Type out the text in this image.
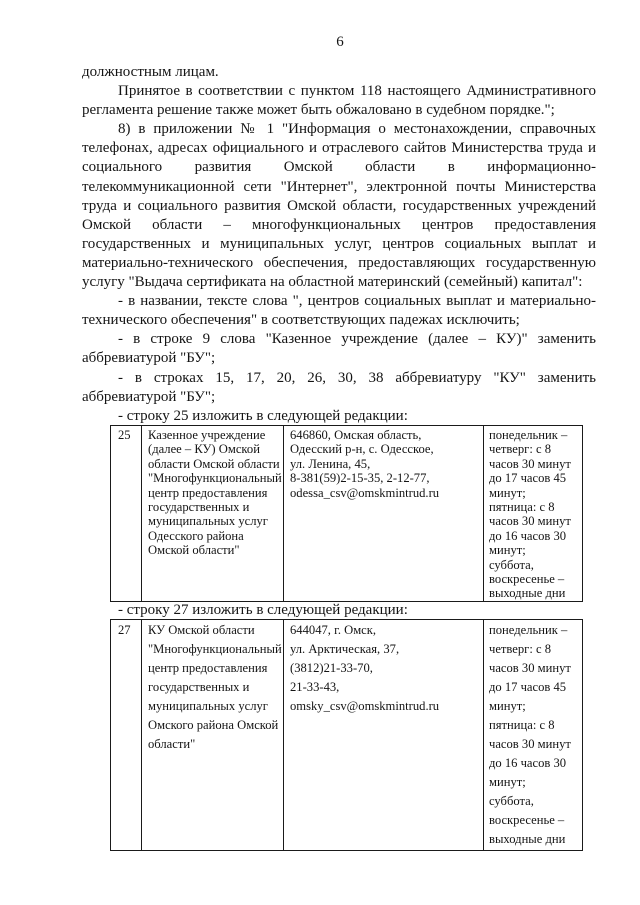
6
должностным лицам.
Принятое в соответствии с пунктом 118 настоящего Административного
регламента решение также может быть обжаловано в судебном порядке.";
8) в приложении № 1 "Информация о местонахождении, справочных
телефонах, адресах официального и отраслевого сайтов Министерства труда и
социального развития Омской области в информационно-
телекоммуникационной сети "Интернет", электронной почты Министерства
труда и социального развития Омской области, государственных учреждений
Омской области – многофункциональных центров предоставления
государственных и муниципальных услуг, центров социальных выплат и
материально-технического обеспечения, предоставляющих государственную
услугу "Выдача сертификата на областной материнский (семейный) капитал":
- в названии, тексте слова ", центров социальных выплат и материально-
технического обеспечения" в соответствующих падежах исключить;
- в строке 9 слова "Казенное учреждение (далее – КУ)" заменить
аббревиатурой "БУ";
- в строках 15, 17, 20, 26, 30, 38 аббревиатуру "КУ" заменить
аббревиатурой "БУ";
- строку 25 изложить в следующей редакции:
25	Казенное учреждение
(далее – КУ) Омской
области Омской области
"Многофункциональный
центр предоставления
государственных и
муниципальных услуг
Одесского района
Омской области"
646860, Омская область,
Одесский р-н, с. Одесское,
ул. Ленина, 45,
8-381(59)2-15-35, 2-12-77,
odessa_csv@omskmintrud.ru
понедельник –
четверг: с 8
часов 30 минут
до 17 часов 45
минут;
пятница: с 8
часов 30 минут
до 16 часов 30
минут;
суббота,
воскресенье –
выходные дни
- строку 27 изложить в следующей редакции:
27	КУ Омской области
"Многофункциональный
центр предоставления
государственных и
муниципальных услуг
Омского района Омской
области"
644047, г. Омск,
ул. Арктическая, 37,
(3812)21-33-70,
21-33-43,
omsky_csv@omskmintrud.ru
понедельник –
четверг: с 8
часов 30 минут
до 17 часов 45
минут;
пятница: с 8
часов 30 минут
до 16 часов 30
минут;
суббота,
воскресенье –
выходные дни
